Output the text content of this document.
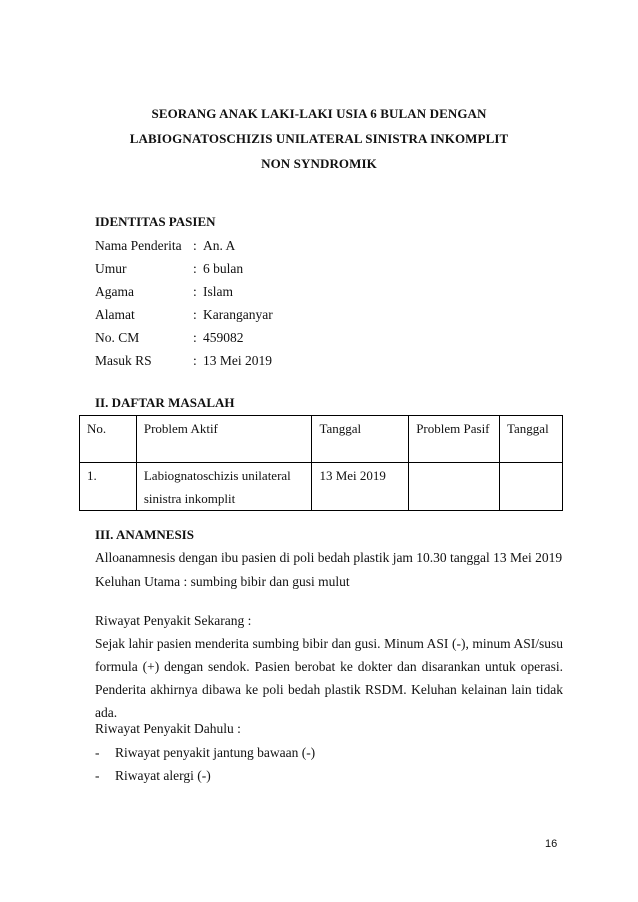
SEORANG ANAK LAKI-LAKI USIA 6 BULAN DENGAN
LABIOGNATOSCHIZIS UNILATERAL SINISTRA INKOMPLIT
NON SYNDROMIK
IDENTITAS PASIEN
Nama Penderita : An. A
Umur	: 6 bulan
Agama	: Islam
Alamat	: Karanganyar
No. CM	: 459082
Masuk RS	: 13 Mei 2019
II. DAFTAR MASALAH
No.	Problem Aktif	Tanggal	Problem Pasif	Tanggal
1.	Labiognatoschizis unilateral sinistra inkomplit	13 Mei 2019		
III. ANAMNESIS
Alloanamnesis dengan ibu pasien di poli bedah plastik jam 10.30 tanggal 13 Mei 2019
Keluhan Utama : sumbing bibir dan gusi mulut
Riwayat Penyakit Sekarang :
Sejak lahir pasien menderita sumbing bibir dan gusi. Minum ASI (-), minum ASI/susu formula (+) dengan sendok. Pasien berobat ke dokter dan disarankan untuk operasi. Penderita akhirnya dibawa ke poli bedah plastik RSDM. Keluhan kelainan lain tidak ada.
Riwayat Penyakit Dahulu :
-	Riwayat penyakit jantung bawaan (-)
-	Riwayat alergi (-)
16
